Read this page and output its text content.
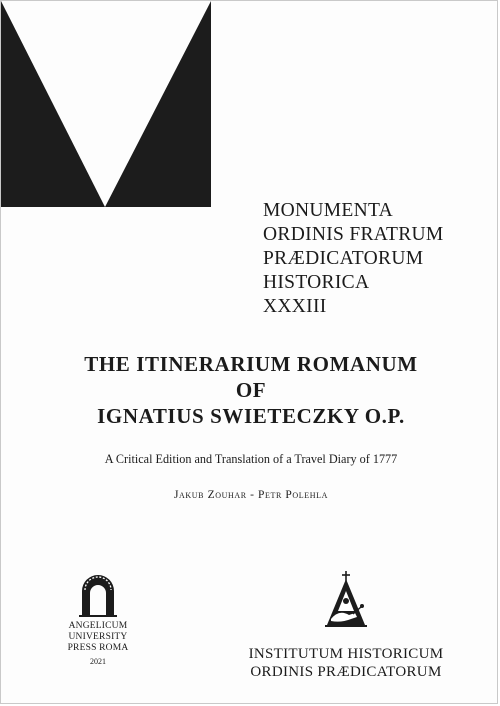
MONUMENTA
ORDINIS FRATRUM
PRÆDICATORUM
HISTORICA
XXXIII
THE ITINERARIUM ROMANUM
OF
IGNATIUS SWIETECZKY O.P.
A Critical Edition and Translation of a Travel Diary of 1777
Jakub Zouhar - Petr Polehla
ANGELICUM
UNIVERSITY
PRESS ROMA
2021	INSTITUTUM HISTORICUM
ORDINIS PRÆDICATORUM
